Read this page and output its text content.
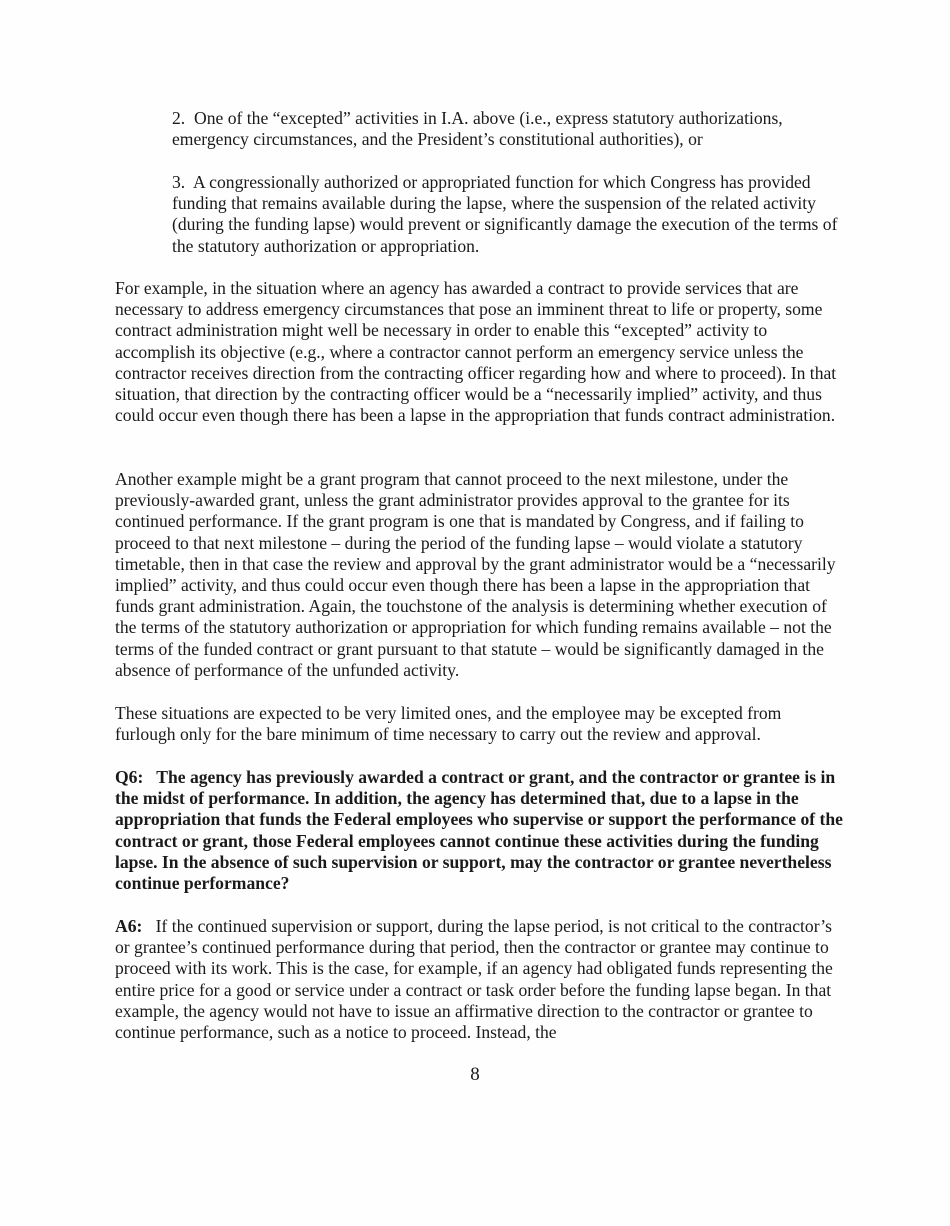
2. One of the “excepted” activities in I.A. above (i.e., express statutory authorizations, emergency circumstances, and the President’s constitutional authorities), or

3. A congressionally authorized or appropriated function for which Congress has provided funding that remains available during the lapse, where the suspension of the related activity (during the funding lapse) would prevent or significantly damage the execution of the terms of the statutory authorization or appropriation.

For example, in the situation where an agency has awarded a contract to provide services that are necessary to address emergency circumstances that pose an imminent threat to life or property, some contract administration might well be necessary in order to enable this “excepted” activity to accomplish its objective (e.g., where a contractor cannot perform an emergency service unless the contractor receives direction from the contracting officer regarding how and where to proceed). In that situation, that direction by the contracting officer would be a “necessarily implied” activity, and thus could occur even though there has been a lapse in the appropriation that funds contract administration.

Another example might be a grant program that cannot proceed to the next milestone, under the previously-awarded grant, unless the grant administrator provides approval to the grantee for its continued performance. If the grant program is one that is mandated by Congress, and if failing to proceed to that next milestone – during the period of the funding lapse – would violate a statutory timetable, then in that case the review and approval by the grant administrator would be a “necessarily implied” activity, and thus could occur even though there has been a lapse in the appropriation that funds grant administration. Again, the touchstone of the analysis is determining whether execution of the terms of the statutory authorization or appropriation for which funding remains available – not the terms of the funded contract or grant pursuant to that statute – would be significantly damaged in the absence of performance of the unfunded activity.

These situations are expected to be very limited ones, and the employee may be excepted from furlough only for the bare minimum of time necessary to carry out the review and approval.

Q6: The agency has previously awarded a contract or grant, and the contractor or grantee is in the midst of performance. In addition, the agency has determined that, due to a lapse in the appropriation that funds the Federal employees who supervise or support the performance of the contract or grant, those Federal employees cannot continue these activities during the funding lapse. In the absence of such supervision or support, may the contractor or grantee nevertheless continue performance?

A6: If the continued supervision or support, during the lapse period, is not critical to the contractor’s or grantee’s continued performance during that period, then the contractor or grantee may continue to proceed with its work. This is the case, for example, if an agency had obligated funds representing the entire price for a good or service under a contract or task order before the funding lapse began. In that example, the agency would not have to issue an affirmative direction to the contractor or grantee to continue performance, such as a notice to proceed. Instead, the

8
